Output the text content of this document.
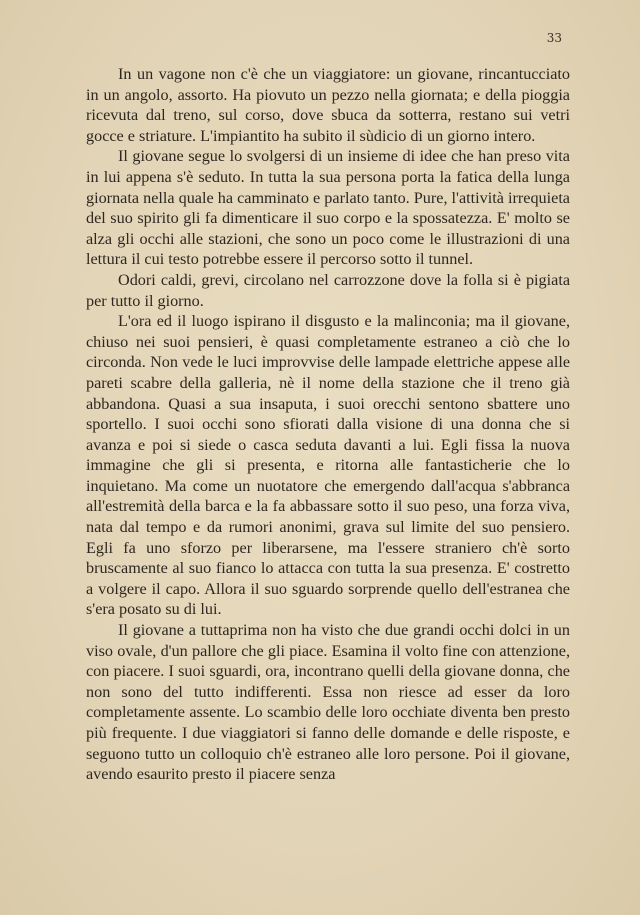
33

In un vagone non c'è che un viaggiatore: un giovane, rincantucciato in un angolo, assorto. Ha piovuto un pezzo nella giornata; e della pioggia ricevuta dal treno, sul corso, dove sbuca da sotterra, restano sui vetri gocce e striature. L'impiantito ha subito il sùdicio di un giorno intero.

Il giovane segue lo svolgersi di un insieme di idee che han preso vita in lui appena s'è seduto. In tutta la sua persona porta la fatica della lunga giornata nella quale ha camminato e parlato tanto. Pure, l'attività irrequieta del suo spirito gli fa dimenticare il suo corpo e la spossatezza. E' molto se alza gli occhi alle stazioni, che sono un poco come le illustrazioni di una lettura il cui testo potrebbe essere il percorso sotto il tunnel.

Odori caldi, grevi, circolano nel carrozzone dove la folla si è pigiata per tutto il giorno.

L'ora ed il luogo ispirano il disgusto e la malinconia; ma il giovane, chiuso nei suoi pensieri, è quasi completamente estraneo a ciò che lo circonda. Non vede le luci improvvise delle lampade elettriche appese alle pareti scabre della galleria, nè il nome della stazione che il treno già abbandona. Quasi a sua insaputa, i suoi orecchi sentono sbattere uno sportello. I suoi occhi sono sfiorati dalla visione di una donna che si avanza e poi si siede o casca seduta davanti a lui. Egli fissa la nuova immagine che gli si presenta, e ritorna alle fantasticherie che lo inquietano. Ma come un nuotatore che emergendo dall'acqua s'abbranca all'estremità della barca e la fa abbassare sotto il suo peso, una forza viva, nata dal tempo e da rumori anonimi, grava sul limite del suo pensiero. Egli fa uno sforzo per liberarsene, ma l'essere straniero ch'è sorto bruscamente al suo fianco lo attacca con tutta la sua presenza. E' costretto a volgere il capo. Allora il suo sguardo sorprende quello dell'estranea che s'era posato su di lui.

Il giovane a tuttaprima non ha visto che due grandi occhi dolci in un viso ovale, d'un pallore che gli piace. Esamina il volto fine con attenzione, con piacere. I suoi sguardi, ora, incontrano quelli della giovane donna, che non sono del tutto indifferenti. Essa non riesce ad esser da loro completamente assente. Lo scambio delle loro occhiate diventa ben presto più frequente. I due viaggiatori si fanno delle domande e delle risposte, e seguono tutto un colloquio ch'è estraneo alle loro persone. Poi il giovane, avendo esaurito presto il piacere senza
